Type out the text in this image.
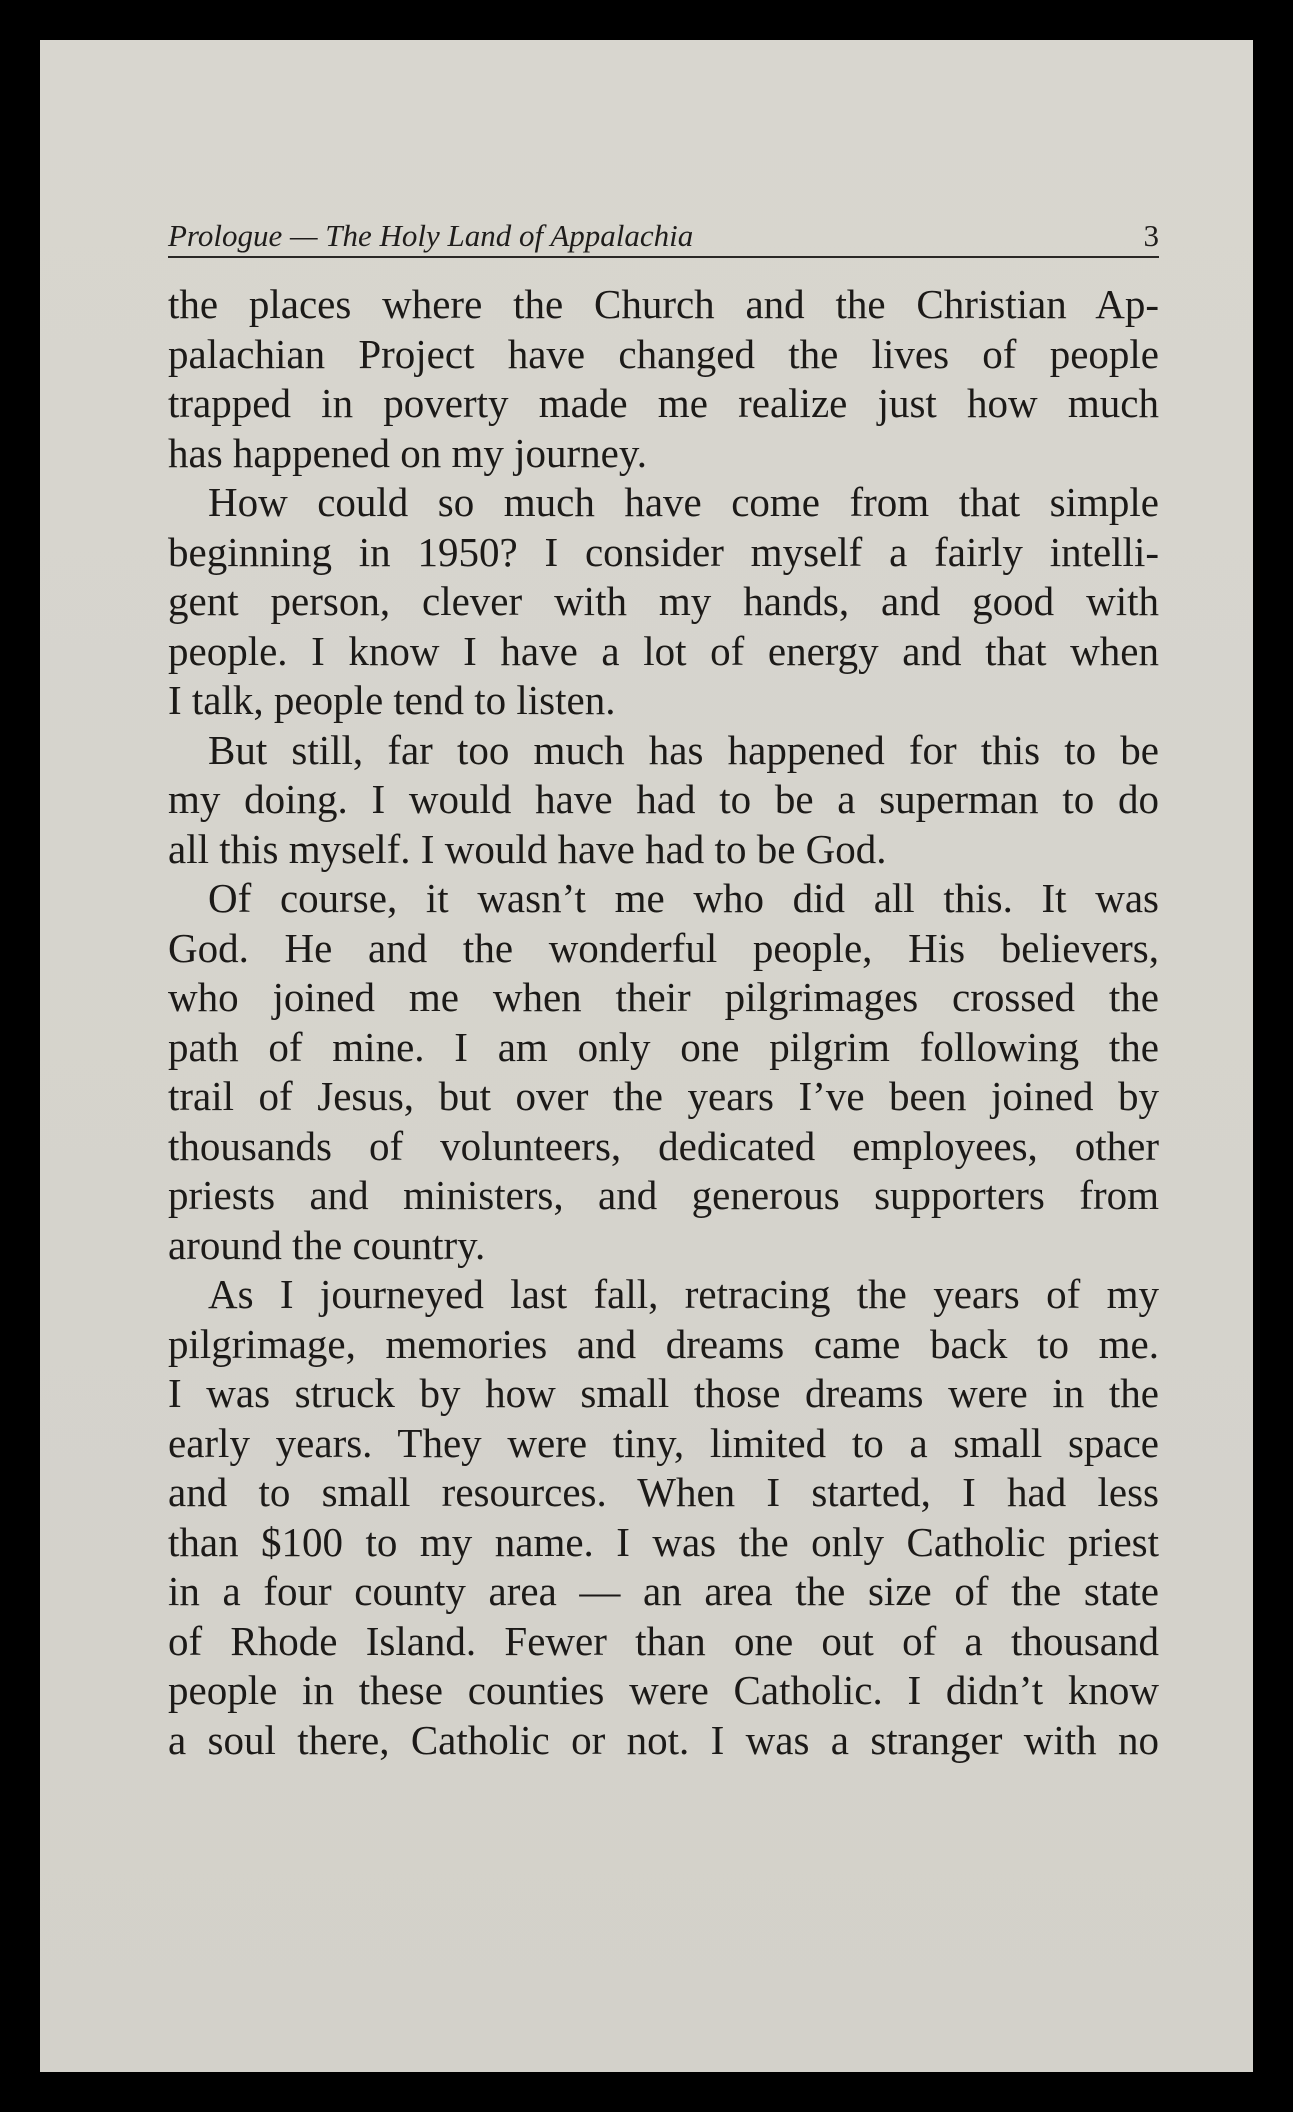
Prologue — The Holy Land of Appalachia	3
the places where the Church and the Christian Ap-
palachian Project have changed the lives of people
trapped in poverty made me realize just how much
has happened on my journey.
How could so much have come from that simple
beginning in 1950? I consider myself a fairly intelli-
gent person, clever with my hands, and good with
people. I know I have a lot of energy and that when
I talk, people tend to listen.
But still, far too much has happened for this to be
my doing. I would have had to be a superman to do
all this myself. I would have had to be God.
Of course, it wasn’t me who did all this. It was
God. He and the wonderful people, His believers,
who joined me when their pilgrimages crossed the
path of mine. I am only one pilgrim following the
trail of Jesus, but over the years I’ve been joined by
thousands of volunteers, dedicated employees, other
priests and ministers, and generous supporters from
around the country.
As I journeyed last fall, retracing the years of my
pilgrimage, memories and dreams came back to me.
I was struck by how small those dreams were in the
early years. They were tiny, limited to a small space
and to small resources. When I started, I had less
than $100 to my name. I was the only Catholic priest
in a four county area — an area the size of the state
of Rhode Island. Fewer than one out of a thousand
people in these counties were Catholic. I didn’t know
a soul there, Catholic or not. I was a stranger with no
